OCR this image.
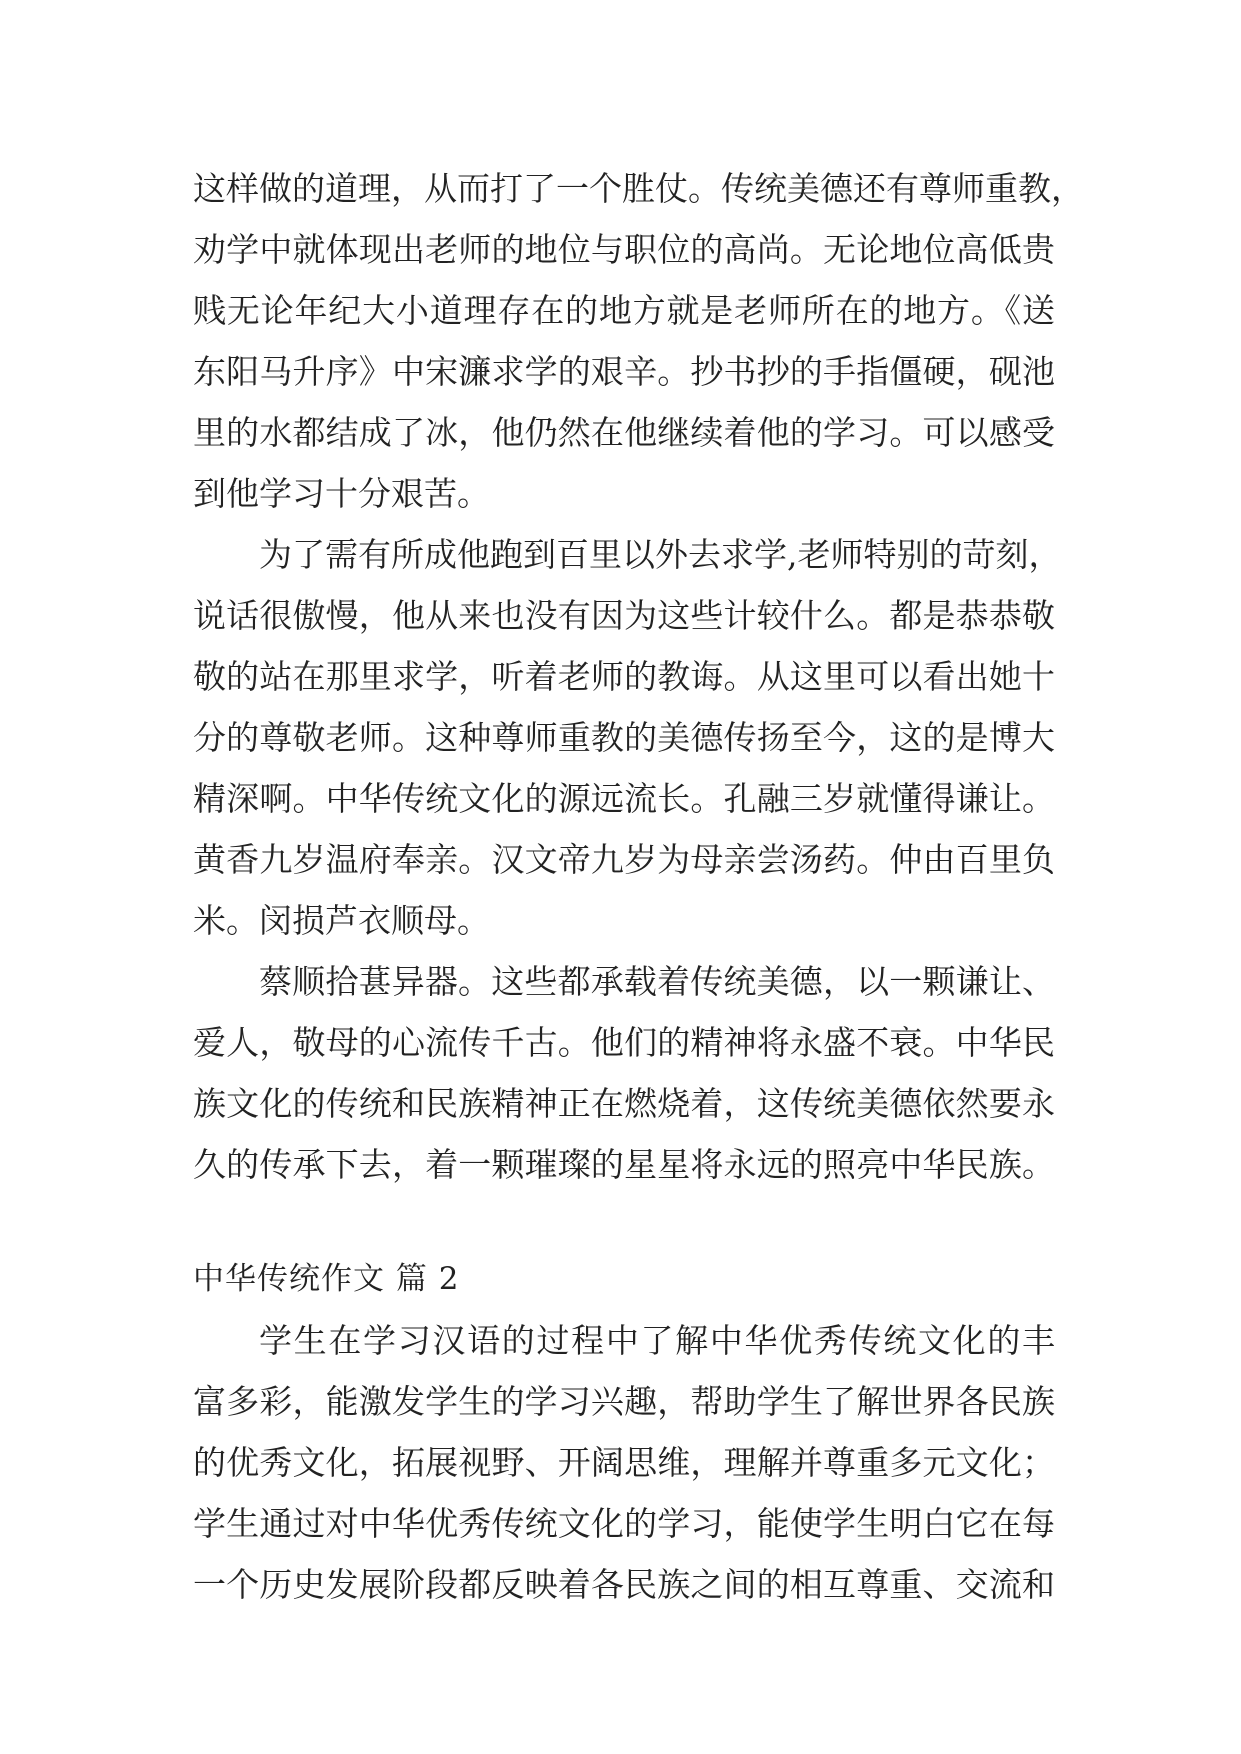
这样做的道理，从而打了一个胜仗。传统美德还有尊师重教，
劝学中就体现出老师的地位与职位的高尚。无论地位高低贵
贱无论年纪大小道理存在的地方就是老师所在的地方。《送
东阳马升序》中宋濂求学的艰辛。抄书抄的手指僵硬，砚池
里的水都结成了冰，他仍然在他继续着他的学习。可以感受
到他学习十分艰苦。
为了需有所成他跑到百里以外去求学,老师特别的苛刻，
说话很傲慢，他从来也没有因为这些计较什么。都是恭恭敬
敬的站在那里求学，听着老师的教诲。从这里可以看出她十
分的尊敬老师。这种尊师重教的美德传扬至今，这的是博大
精深啊。中华传统文化的源远流长。孔融三岁就懂得谦让。
黄香九岁温府奉亲。汉文帝九岁为母亲尝汤药。仲由百里负
米。闵损芦衣顺母。
蔡顺拾葚异器。这些都承载着传统美德，以一颗谦让、
爱人，敬母的心流传千古。他们的精神将永盛不衰。中华民
族文化的传统和民族精神正在燃烧着，这传统美德依然要永
久的传承下去，着一颗璀璨的星星将永远的照亮中华民族。
中华传统作文 篇 2
学生在学习汉语的过程中了解中华优秀传统文化的丰
富多彩，能激发学生的学习兴趣，帮助学生了解世界各民族
的优秀文化，拓展视野、开阔思维，理解并尊重多元文化；
学生通过对中华优秀传统文化的学习，能使学生明白它在每
一个历史发展阶段都反映着各民族之间的相互尊重、交流和
